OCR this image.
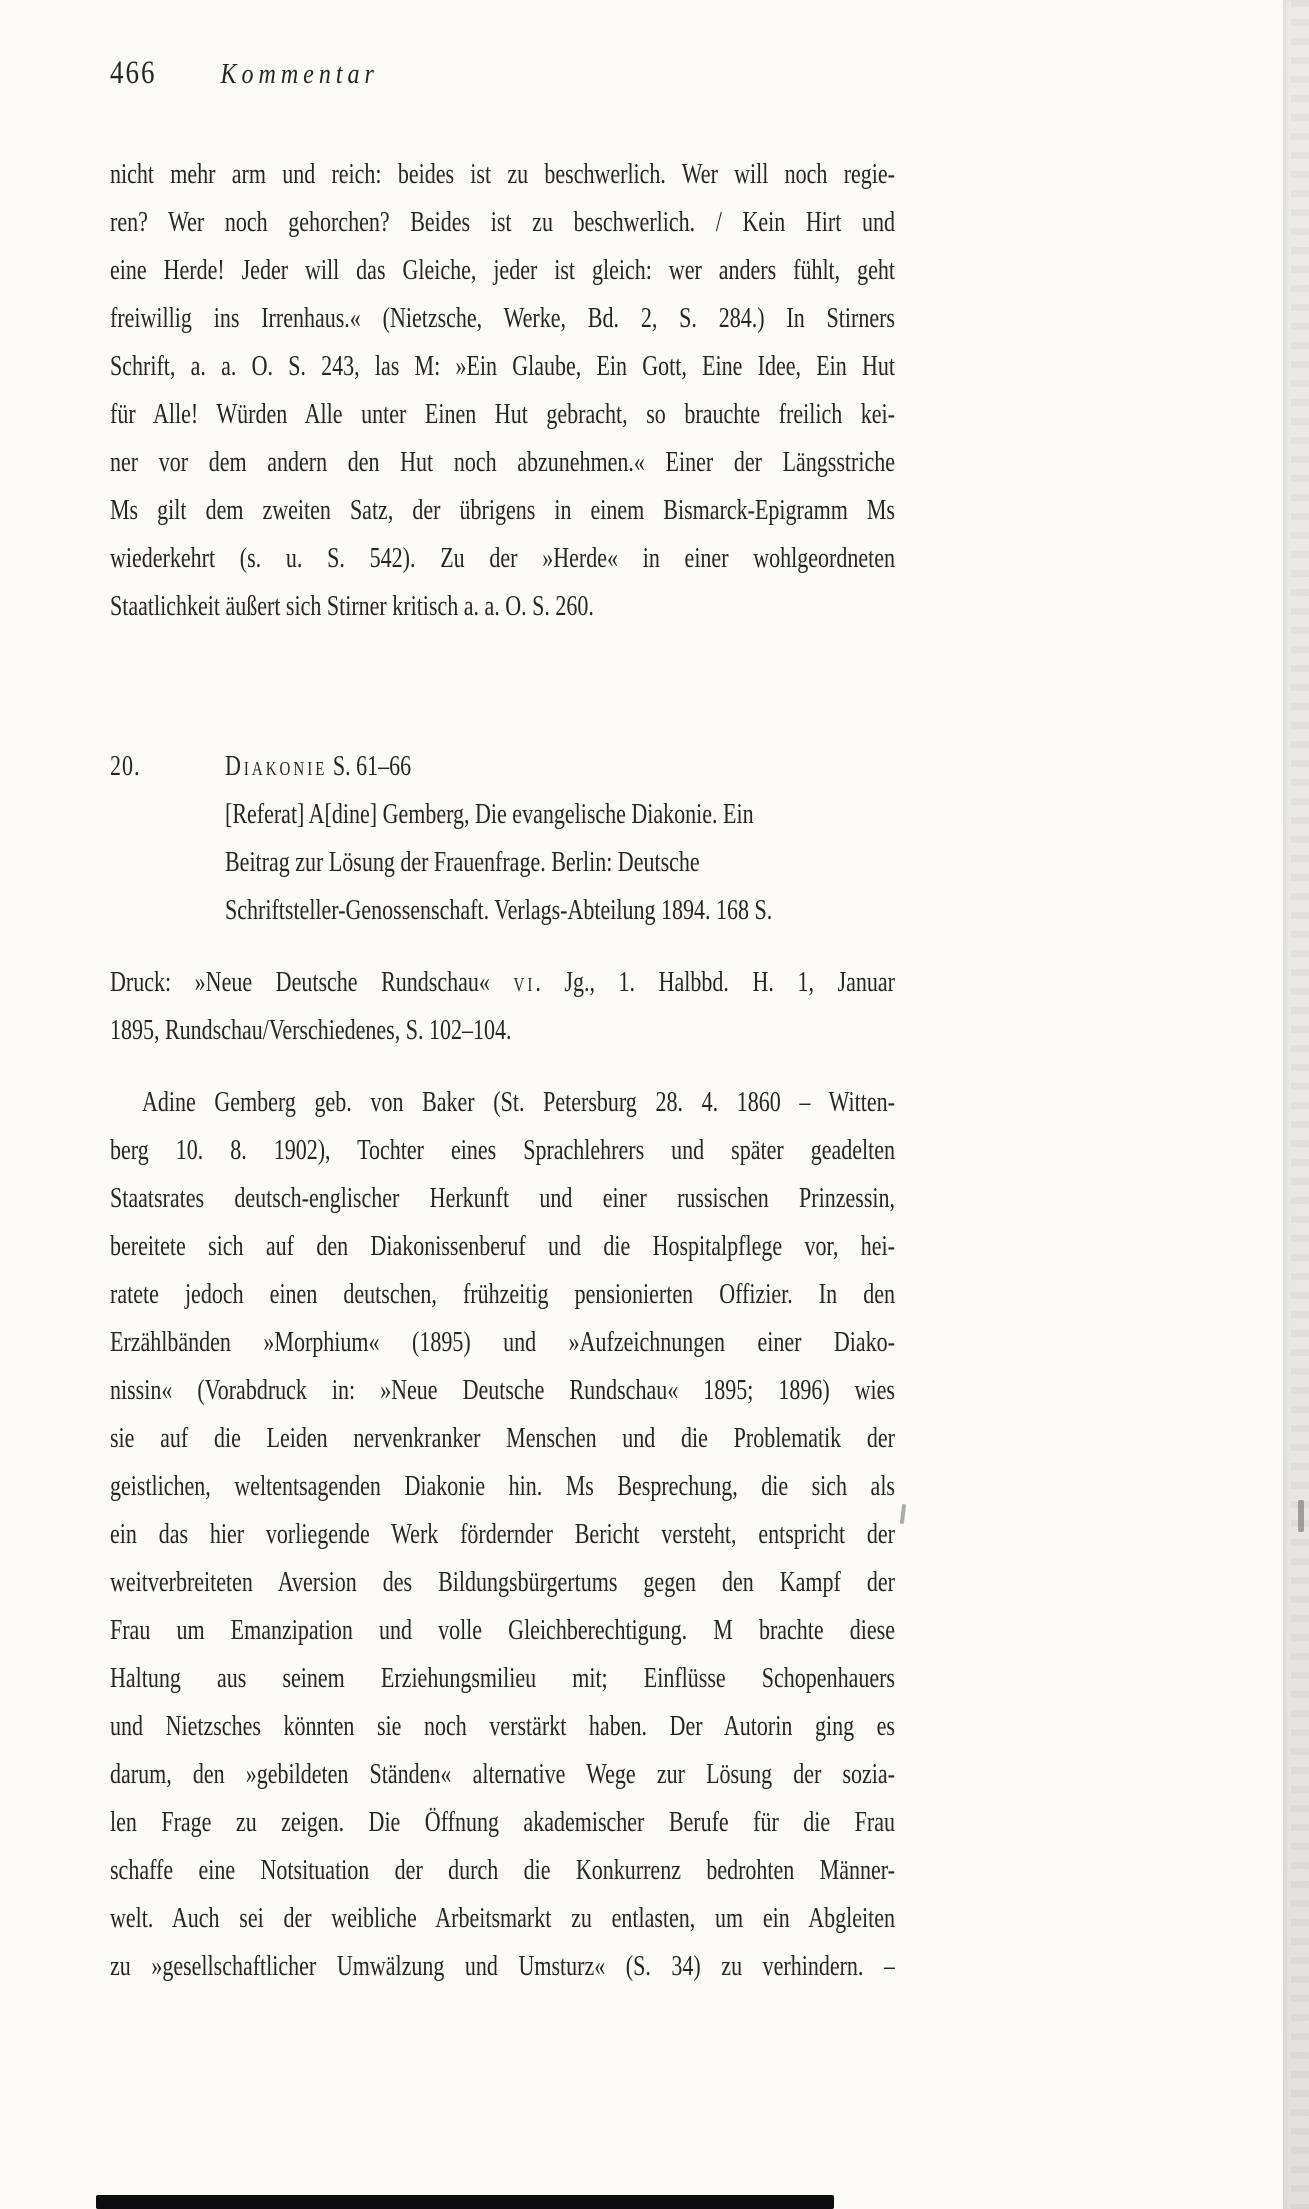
466	Kommentar
nicht mehr arm und reich: beides ist zu beschwerlich. Wer will noch regie-
ren? Wer noch gehorchen? Beides ist zu beschwerlich. / Kein Hirt und
eine Herde! Jeder will das Gleiche, jeder ist gleich: wer anders fühlt, geht
freiwillig ins Irrenhaus.« (Nietzsche, Werke, Bd. 2, S. 284.) In Stirners
Schrift, a. a. O. S. 243, las M: »Ein Glaube, Ein Gott, Eine Idee, Ein Hut
für Alle! Würden Alle unter Einen Hut gebracht, so brauchte freilich kei-
ner vor dem andern den Hut noch abzunehmen.« Einer der Längsstriche
Ms gilt dem zweiten Satz, der übrigens in einem Bismarck-Epigramm Ms
wiederkehrt (s. u. S. 542). Zu der »Herde« in einer wohlgeordneten
Staatlichkeit äußert sich Stirner kritisch a. a. O. S. 260.
20.	Diakonie S. 61–66
[Referat] A[dine] Gemberg, Die evangelische Diakonie. Ein
Beitrag zur Lösung der Frauenfrage. Berlin: Deutsche
Schriftsteller-Genossenschaft. Verlags-Abteilung 1894. 168 S.
Druck: »Neue Deutsche Rundschau« vi. Jg., 1. Halbbd. H. 1, Januar
1895, Rundschau/Verschiedenes, S. 102–104.
Adine Gemberg geb. von Baker (St. Petersburg 28. 4. 1860 – Witten-
berg 10. 8. 1902), Tochter eines Sprachlehrers und später geadelten
Staatsrates deutsch-englischer Herkunft und einer russischen Prinzessin,
bereitete sich auf den Diakonissenberuf und die Hospitalpflege vor, hei-
ratete jedoch einen deutschen, frühzeitig pensionierten Offizier. In den
Erzählbänden »Morphium« (1895) und »Aufzeichnungen einer Diako-
nissin« (Vorabdruck in: »Neue Deutsche Rundschau« 1895; 1896) wies
sie auf die Leiden nervenkranker Menschen und die Problematik der
geistlichen, weltentsagenden Diakonie hin. Ms Besprechung, die sich als
ein das hier vorliegende Werk fördernder Bericht versteht, entspricht der
weitverbreiteten Aversion des Bildungsbürgertums gegen den Kampf der
Frau um Emanzipation und volle Gleichberechtigung. M brachte diese
Haltung aus seinem Erziehungsmilieu mit; Einflüsse Schopenhauers
und Nietzsches könnten sie noch verstärkt haben. Der Autorin ging es
darum, den »gebildeten Ständen« alternative Wege zur Lösung der sozia-
len Frage zu zeigen. Die Öffnung akademischer Berufe für die Frau
schaffe eine Notsituation der durch die Konkurrenz bedrohten Männer-
welt. Auch sei der weibliche Arbeitsmarkt zu entlasten, um ein Abgleiten
zu »gesellschaftlicher Umwälzung und Umsturz« (S. 34) zu verhindern. –
